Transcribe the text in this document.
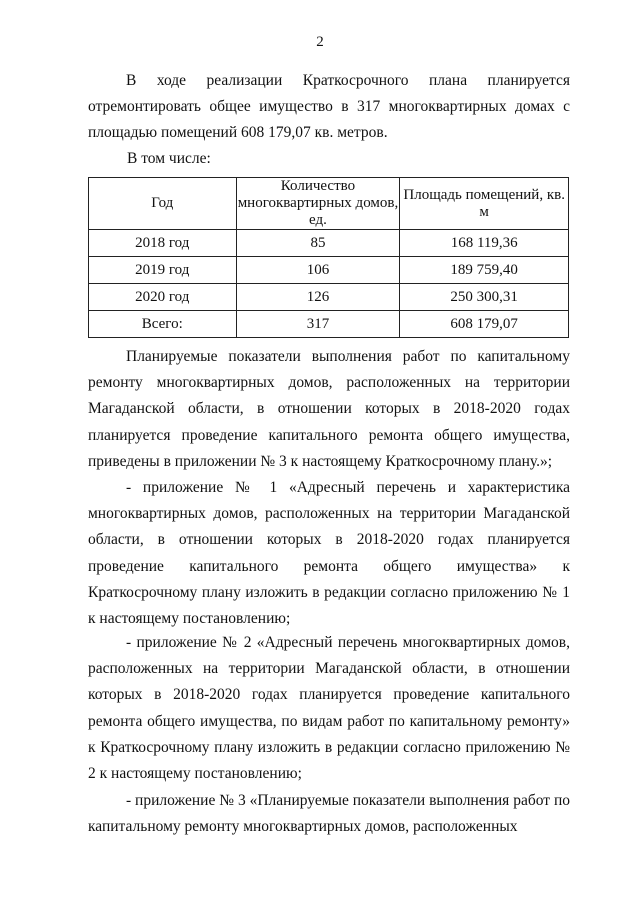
2

В ходе реализации Краткосрочного плана планируется отремонтировать общее имущество в 317 многоквартирных домах с площадью помещений 608 179,07 кв. метров.

В том числе:

Год	Количество многоквартирных домов, ед.	Площадь помещений, кв. м
2018 год	85	168 119,36
2019 год	106	189 759,40
2020 год	126	250 300,31
Всего:	317	608 179,07

Планируемые показатели выполнения работ по капитальному ремонту многоквартирных домов, расположенных на территории Магаданской области, в отношении которых в 2018-2020 годах планируется проведение капитального ремонта общего имущества, приведены в приложении № 3 к настоящему Краткосрочному плану.»;

- приложение № 1 «Адресный перечень и характеристика многоквартирных домов, расположенных на территории Магаданской области, в отношении которых в 2018-2020 годах планируется проведение капитального ремонта общего имущества» к Краткосрочному плану изложить в редакции согласно приложению № 1 к настоящему постановлению;

- приложение № 2 «Адресный перечень многоквартирных домов, расположенных на территории Магаданской области, в отношении которых в 2018-2020 годах планируется проведение капитального ремонта общего имущества, по видам работ по капитальному ремонту» к Краткосрочному плану изложить в редакции согласно приложению № 2 к настоящему постановлению;

- приложение № 3 «Планируемые показатели выполнения работ по капитальному ремонту многоквартирных домов, расположенных
